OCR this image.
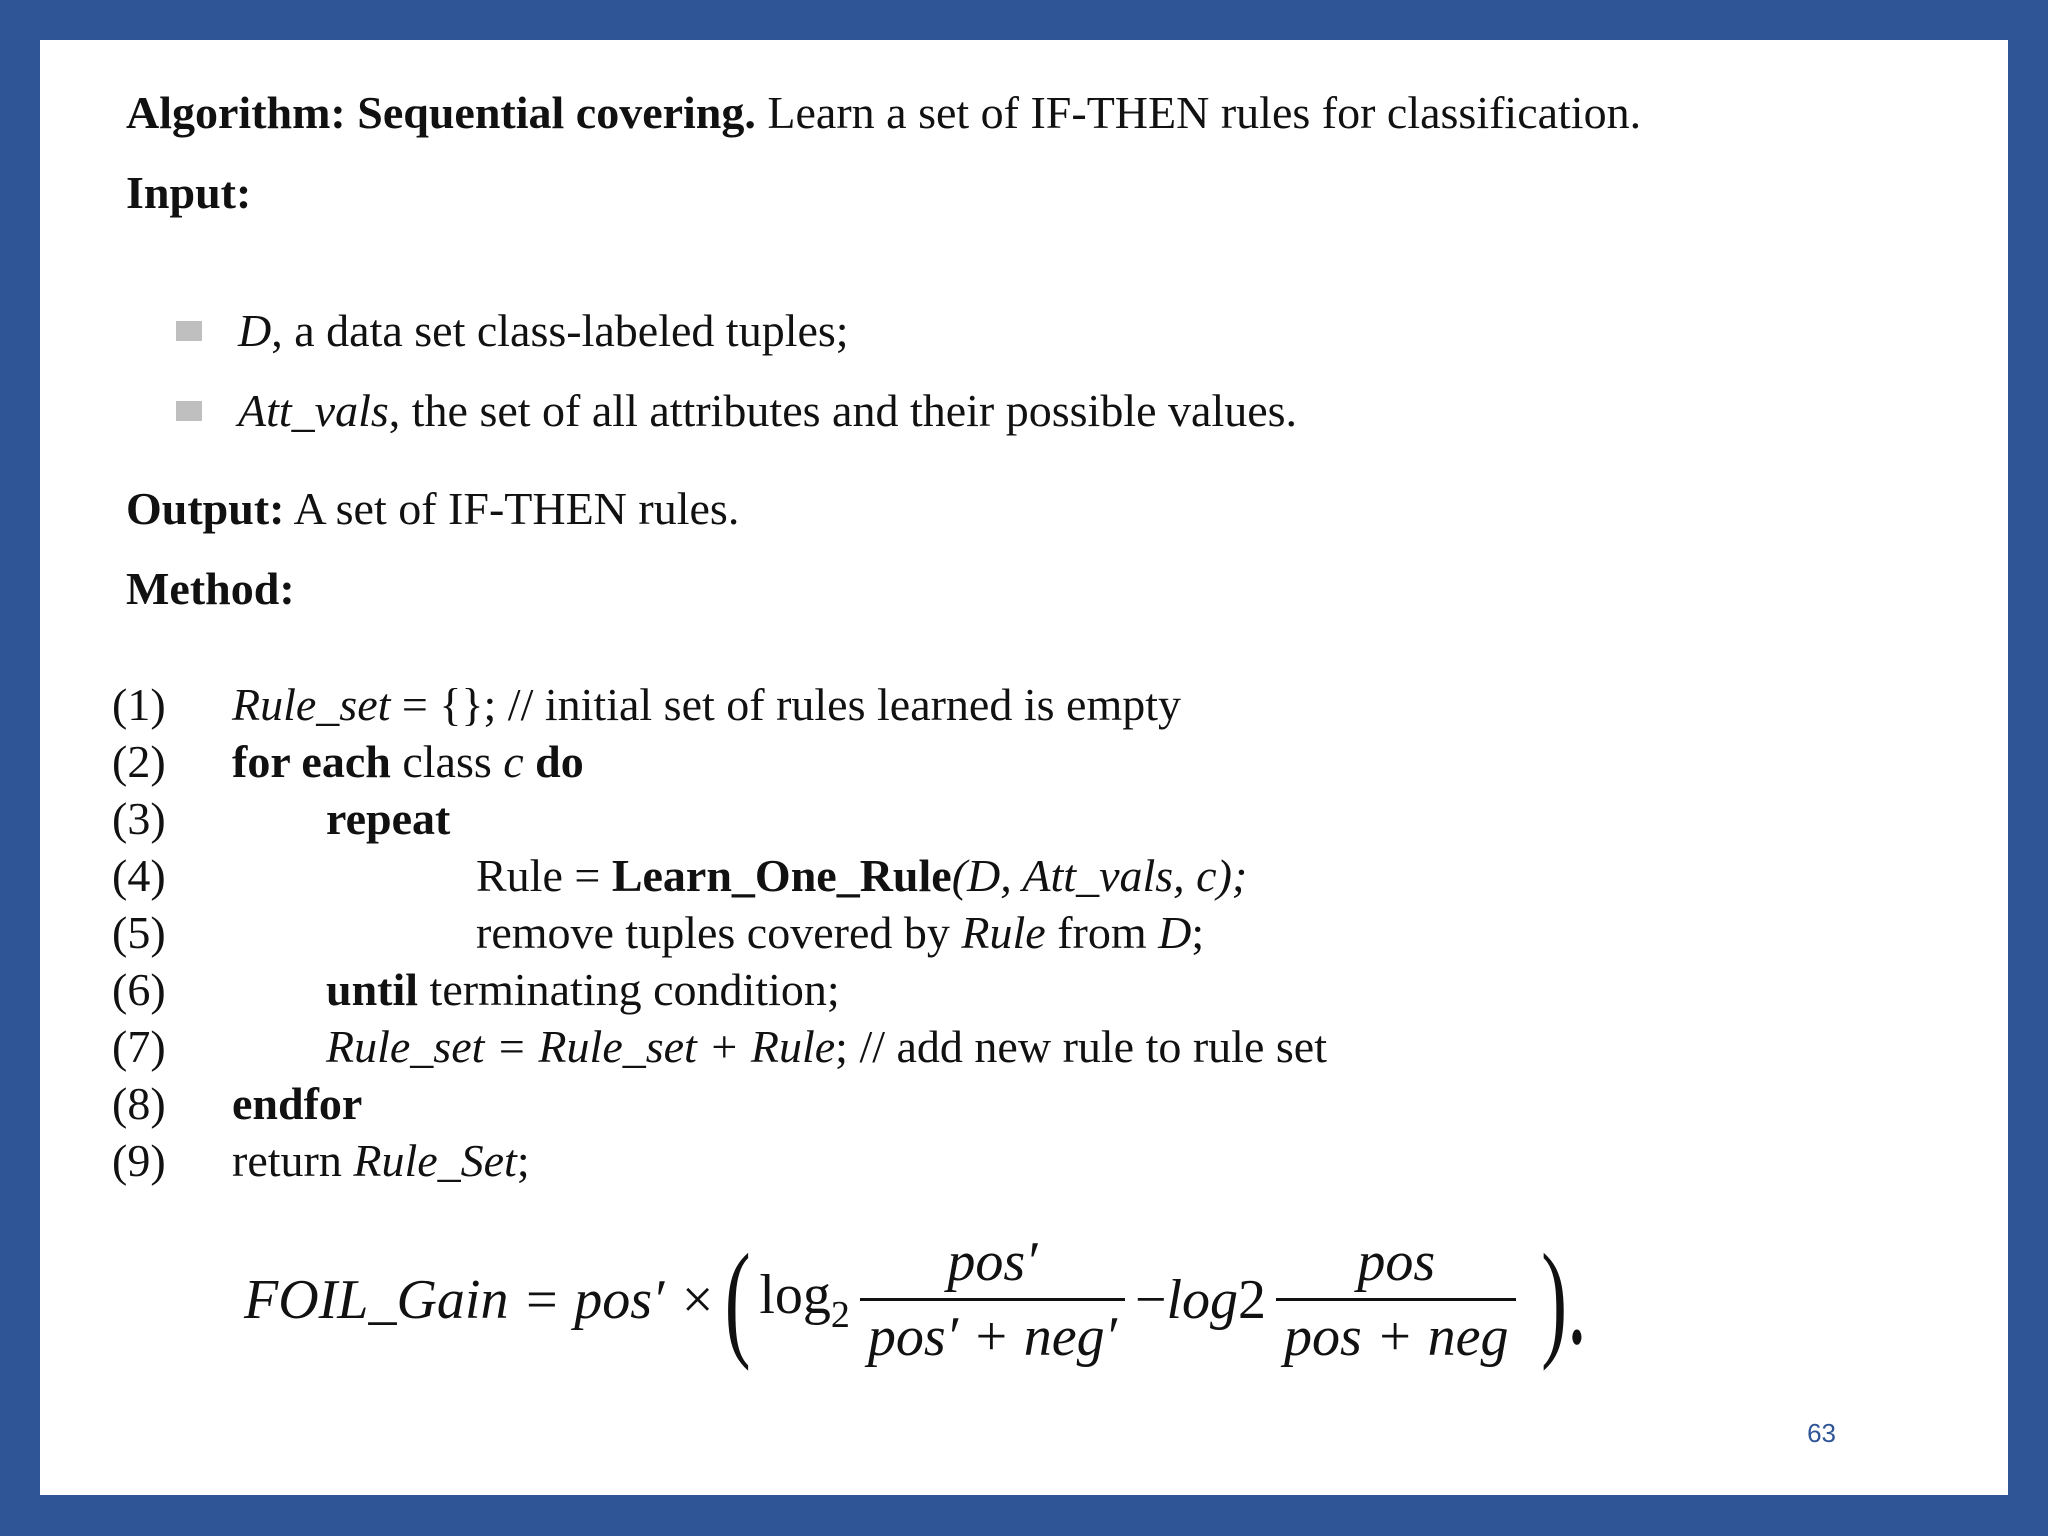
Algorithm: Sequential covering. Learn a set of IF-THEN rules for classification.
Input:
D, a data set class-labeled tuples;
Att_vals, the set of all attributes and their possible values.
Output: A set of IF-THEN rules.
Method:
(1)
(2)
(3)
(4)
(5)
(6)
(7)
(8)
(9)
Rule_set = {}; // initial set of rules learned is empty
for each class c do
repeat
Rule = Learn_One_Rule(D, Att_vals, c);
remove tuples covered by Rule from D;
until terminating condition;
Rule_set = Rule_set + Rule; // add new rule to rule set
endfor
return Rule_Set;
FOIL_Gain = pos′ × ( $\log_2 \frac{\text{pos′}}{\text{pos′ + neg′}} - \log 2 \frac{\text{pos}}{\text{pos + neg}}$ ).
63
